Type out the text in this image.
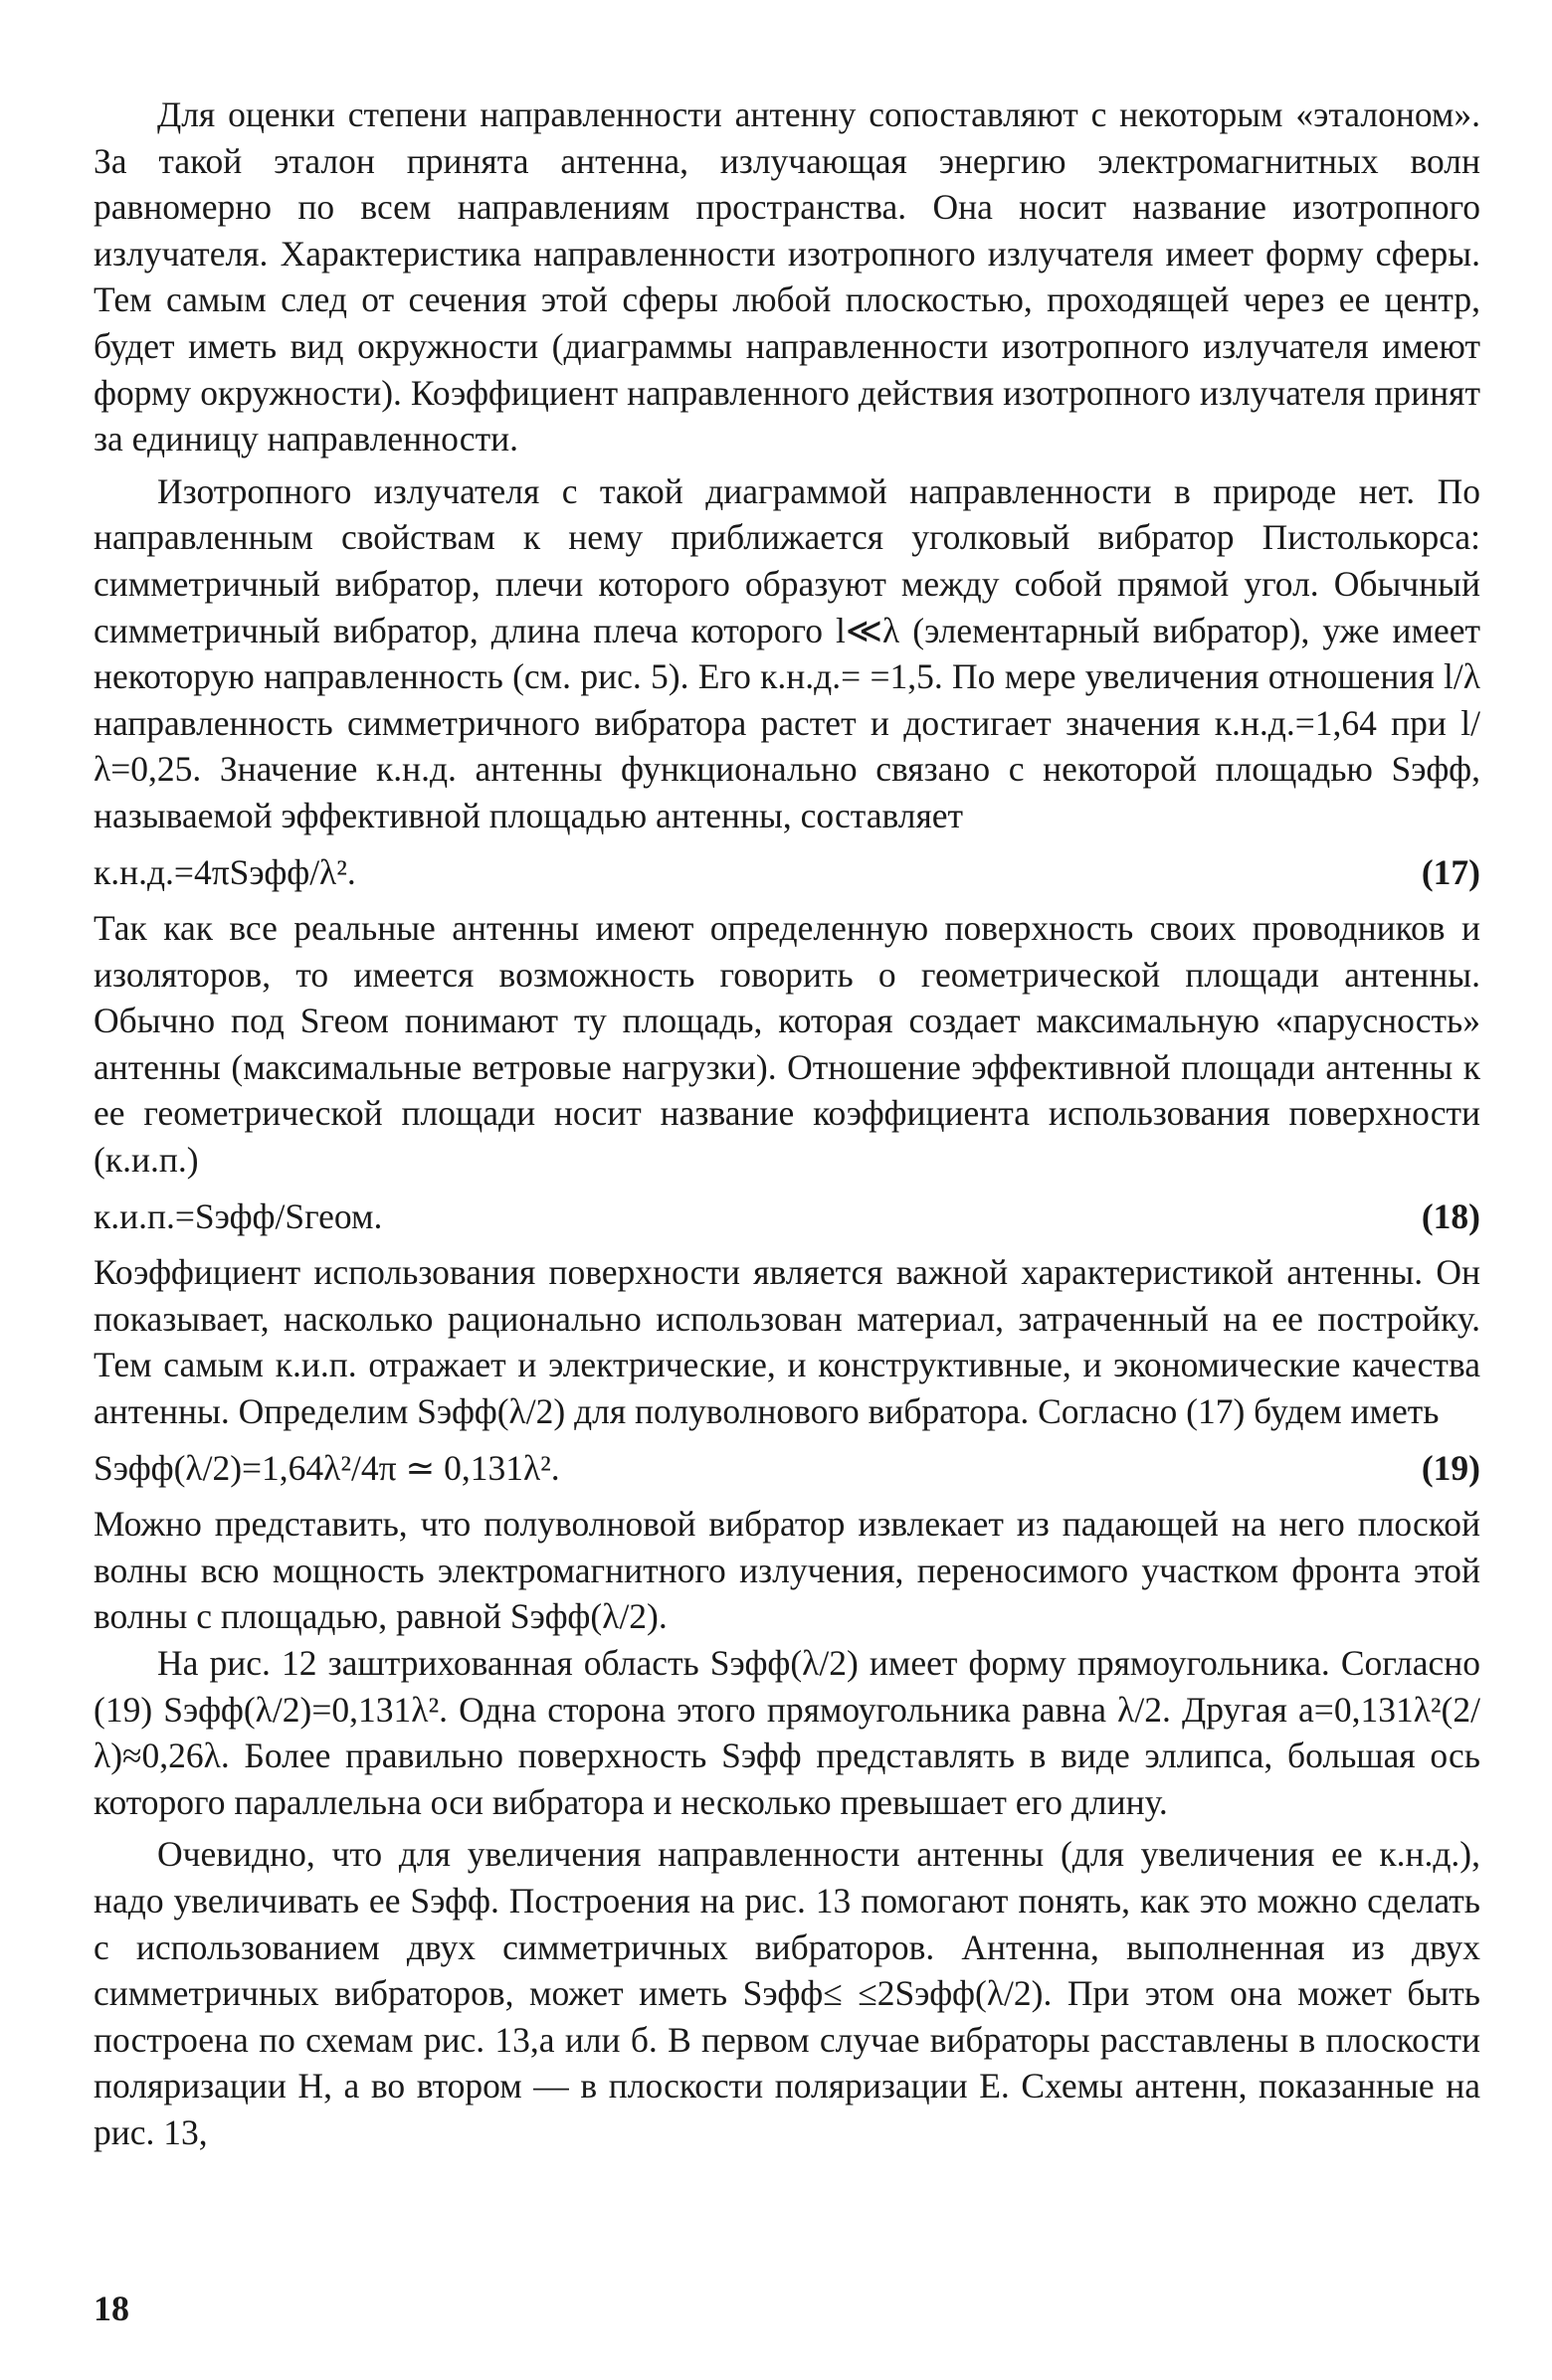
Для оценки степени направленности антенну сопоставляют с некоторым «эталоном». За такой эталон принята антенна, излучающая энергию электромагнитных волн равномерно по всем направлениям пространства. Она носит название изотропного излучателя. Характеристика направленности изотропного излучателя имеет форму сферы. Тем самым след от сечения этой сферы любой плоскостью, проходящей через ее центр, будет иметь вид окружности (диаграммы направленности изотропного излучателя имеют форму окружности). Коэффициент направленного действия изотропного излучателя принят за единицу направленности.

Изотропного излучателя с такой диаграммой направленности в природе нет. По направленным свойствам к нему приближается уголковый вибратор Пистолькорса: симметричный вибратор, плечи которого образуют между собой прямой угол. Обычный симметричный вибратор, длина плеча которого l≪λ (элементарный вибратор), уже имеет некоторую направленность (см. рис. 5). Его к.н.д.= =1,5. По мере увеличения отношения l/λ направленность симметричного вибратора растет и достигает значения к.н.д.=1,64 при l/λ=0,25. Значение к.н.д. антенны функционально связано с некоторой площадью Sэфф, называемой эффективной площадью антенны, составляет

к.н.д.=4πSэфф/λ².	(17)

Так как все реальные антенны имеют определенную поверхность своих проводников и изоляторов, то имеется возможность говорить о геометрической площади антенны. Обычно под Sгеом понимают ту площадь, которая создает максимальную «парусность» антенны (максимальные ветровые нагрузки). Отношение эффективной площади антенны к ее геометрической площади носит название коэффициента использования поверхности (к.и.п.)

к.и.п.=Sэфф/Sгеом.	(18)

Коэффициент использования поверхности является важной характеристикой антенны. Он показывает, насколько рационально использован материал, затраченный на ее постройку. Тем самым к.и.п. отражает и электрические, и конструктивные, и экономические качества антенны. Определим Sэфф(λ/2) для полуволнового вибратора. Согласно (17) будем иметь

Sэфф(λ/2)=1,64λ²/4π ≃ 0,131λ².	(19)

Можно представить, что полуволновой вибратор извлекает из падающей на него плоской волны всю мощность электромагнитного излучения, переносимого участком фронта этой волны с площадью, равной Sэфф(λ/2).

На рис. 12 заштрихованная область Sэфф(λ/2) имеет форму прямоугольника. Согласно (19) Sэфф(λ/2)=0,131λ². Одна сторона этого прямоугольника равна λ/2. Другая a=0,131λ²(2/λ)≈0,26λ. Более правильно поверхность Sэфф представлять в виде эллипса, большая ось которого параллельна оси вибратора и несколько превышает его длину.

Очевидно, что для увеличения направленности антенны (для увеличения ее к.н.д.), надо увеличивать ее Sэфф. Построения на рис. 13 помогают понять, как это можно сделать с использованием двух симметричных вибраторов. Антенна, выполненная из двух симметричных вибраторов, может иметь Sэфф≤ ≤2Sэфф(λ/2). При этом она может быть построена по схемам рис. 13,а или б. В первом случае вибраторы расставлены в плоскости поляризации H, а во втором — в плоскости поляризации E. Схемы антенн, показанные на рис. 13,

18
